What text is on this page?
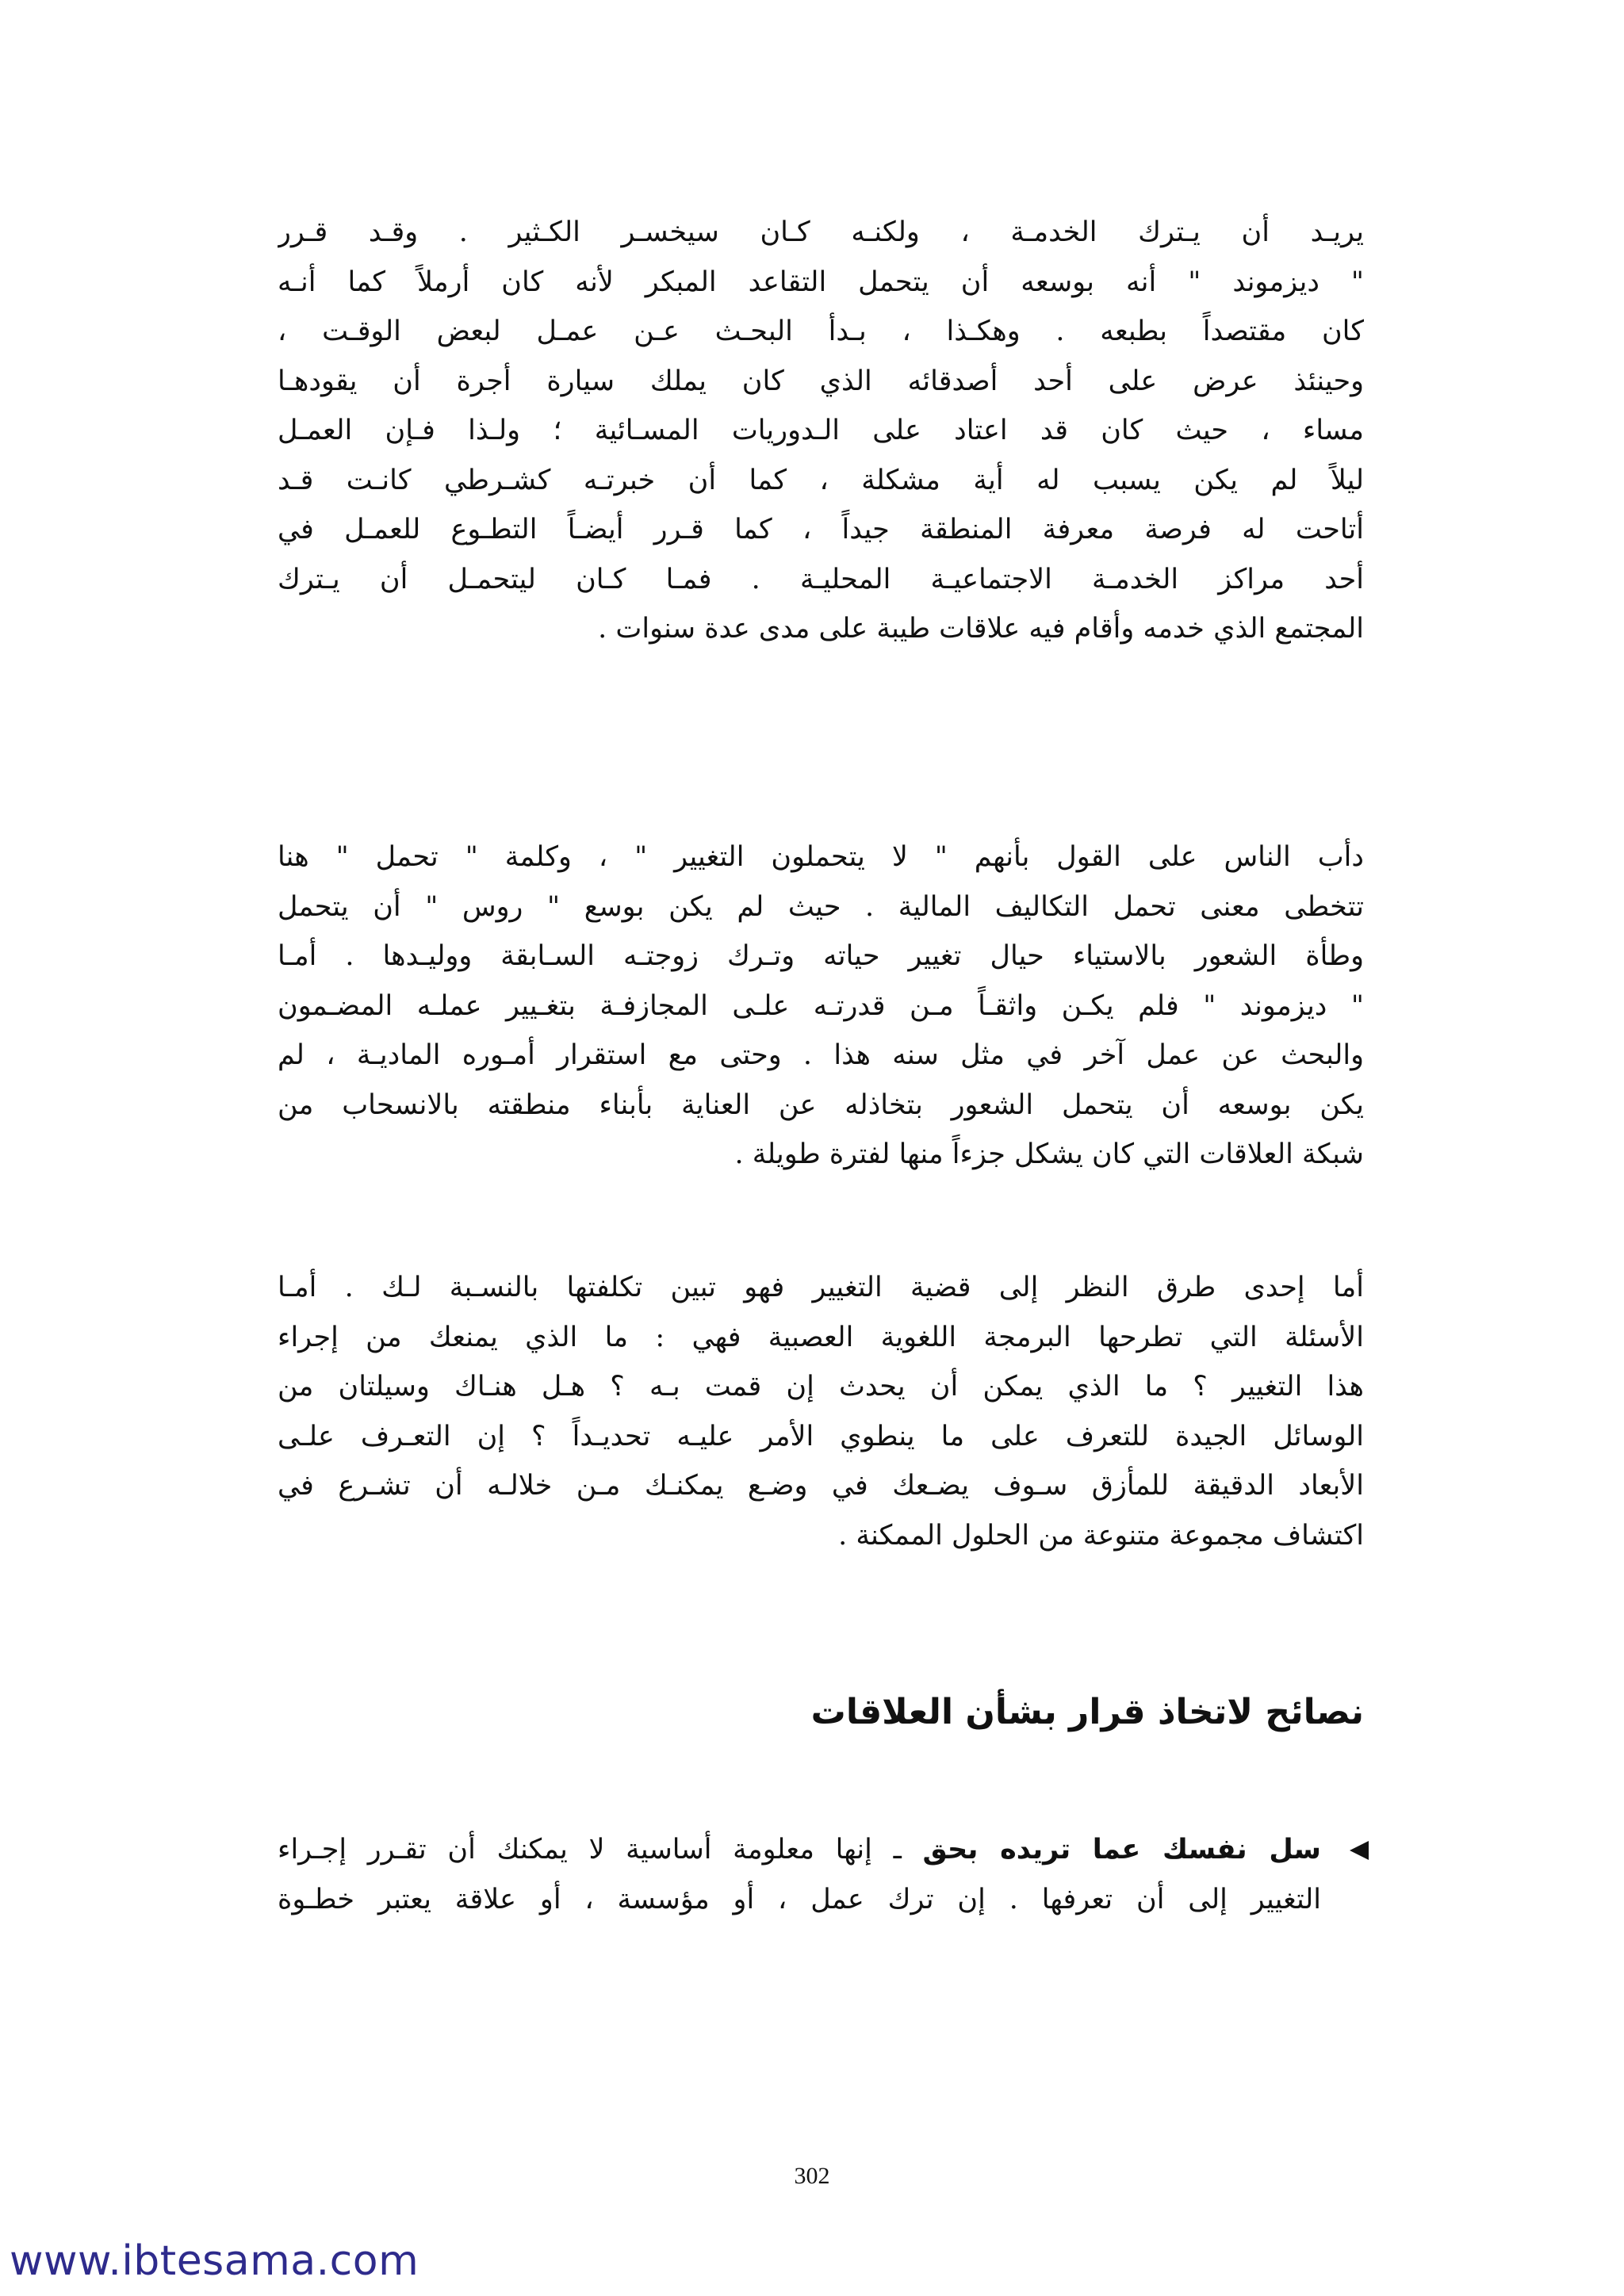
يريـد أن يـترك الخدمـة ، ولكنـه كـان سيخسـر الكـثير . وقـد قـرر
" ديزموند " أنه بوسعه أن يتحمل التقاعد المبكر لأنه كان أرملاً كما أنـه
كان مقتصداً بطبعه . وهكـذا ، بـدأ البحـث عـن عمـل لبعض الوقـت ،
وحينئذ عرض على أحد أصدقائه الذي كان يملك سيارة أجرة أن يقودهـا
مساء ، حيث كان قد اعتاد على الـدوريات المسـائية ؛ ولـذا فـإن العمـل
ليلاً لم يكن يسبب له أية مشكلة ، كما أن خبرتـه كشـرطي كانـت قـد
أتاحت له فرصة معرفة المنطقة جيداً ، كما قـرر أيضـاً التطـوع للعمـل في
أحد مراكز الخدمـة الاجتماعيـة المحليـة . فمـا كـان ليتحمـل أن يـترك
المجتمع الذي خدمه وأقام فيه علاقات طيبة على مدى عدة سنوات .
دأب الناس على القول بأنهم " لا يتحملون التغيير " ، وكلمة " تحمل " هنا
تتخطى معنى تحمل التكاليف المالية . حيث لم يكن بوسع " روس " أن يتحمل
وطأة الشعور بالاستياء حيال تغيير حياته وتـرك زوجتـه السـابقة ووليـدها . أمـا
" ديزموند " فلم يكـن واثقـاً مـن قدرتـه علـى المجازفـة بتغـيير عملـه المضـمون
والبحث عن عمل آخر في مثل سنه هذا . وحتى مع استقرار أمـوره الماديـة ، لم
يكن بوسعه أن يتحمل الشعور بتخاذله عن العناية بأبناء منطقته بالانسحاب من
شبكة العلاقات التي كان يشكل جزءاً منها لفترة طويلة .
أما إحدى طرق النظر إلى قضية التغيير فهو تبين تكلفتها بالنسـبة لـك . أمـا
الأسئلة التي تطرحها البرمجة اللغوية العصبية فهي : ما الذي يمنعك من إجراء
هذا التغيير ؟ ما الذي يمكن أن يحدث إن قمت بـه ؟ هـل هنـاك وسيلتان من
الوسائل الجيدة للتعرف على ما ينطوي الأمر عليـه تحديـداً ؟ إن التعـرف علـى
الأبعاد الدقيقة للمأزق سـوف يضـعك في وضـع يمكنـك مـن خلالـه أن تشـرع في
اكتشاف مجموعة متنوعة من الحلول الممكنة .
نصائح لاتخاذ قرار بشأن العلاقات
سل نفسك عما تريده بحق ـ إنها معلومة أساسية لا يمكنك أن تقـرر إجـراء
التغيير إلى أن تعرفها . إن ترك عمل ، أو مؤسسة ، أو علاقة يعتبر خطـوة
302
www.ibtesama.com
